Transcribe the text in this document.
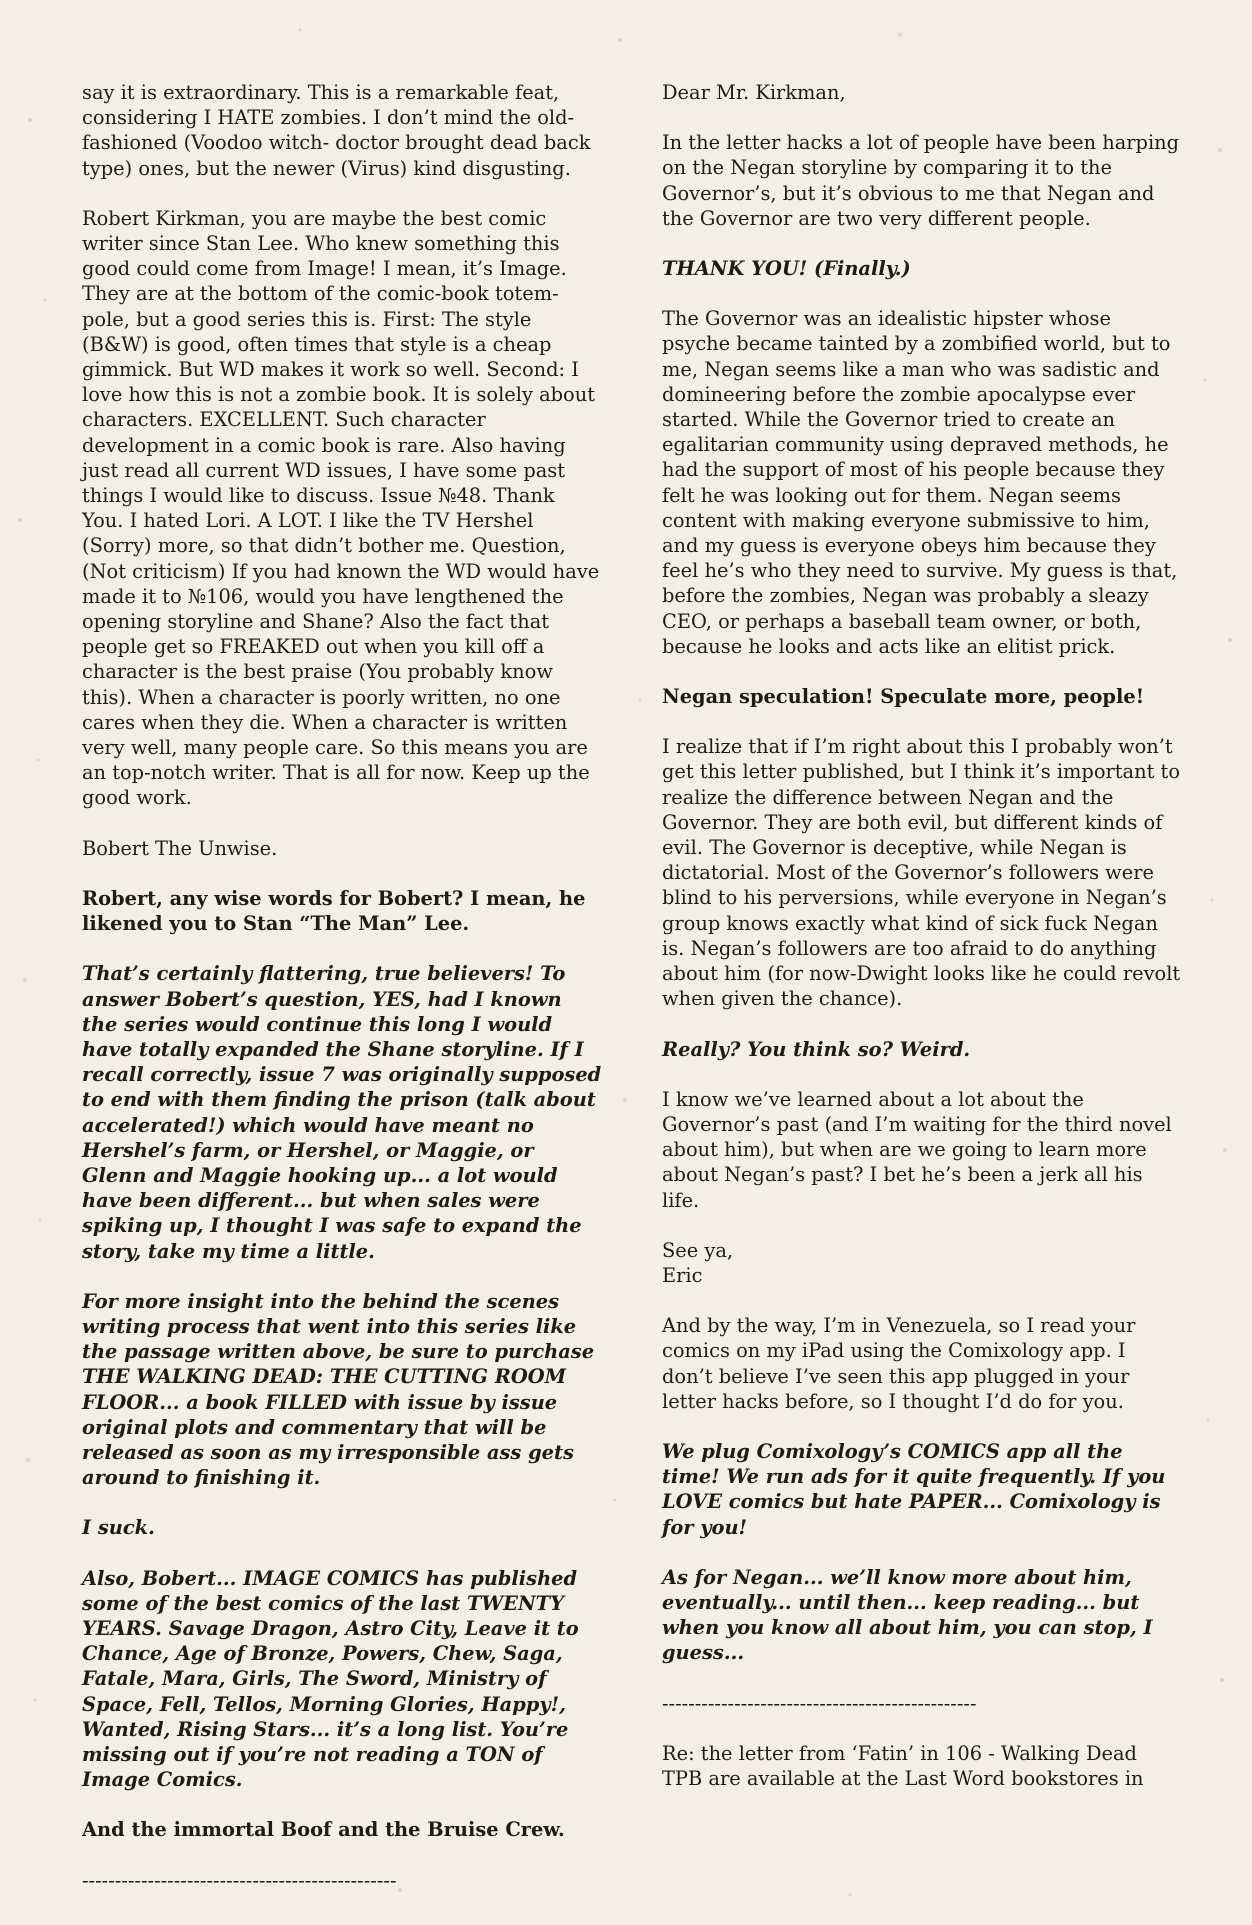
say it is extraordinary. This is a remarkable feat, considering I HATE zombies. I don’t mind the old-fashioned (Voodoo witch- doctor brought dead back type) ones, but the newer (Virus) kind disgusting.

Robert Kirkman, you are maybe the best comic writer since Stan Lee. Who knew something this good could come from Image! I mean, it’s Image. They are at the bottom of the comic-book totem-pole, but a good series this is. First: The style (B&W) is good, often times that style is a cheap gimmick. But WD makes it work so well. Second: I love how this is not a zombie book. It is solely about characters. EXCELLENT. Such character development in a comic book is rare. Also having just read all current WD issues, I have some past things I would like to discuss. Issue №48. Thank You. I hated Lori. A LOT. I like the TV Hershel (Sorry) more, so that didn’t bother me. Question, (Not criticism) If you had known the WD would have made it to №106, would you have lengthened the opening storyline and Shane? Also the fact that people get so FREAKED out when you kill off a character is the best praise (You probably know this). When a character is poorly written, no one cares when they die. When a character is written very well, many people care. So this means you are an top-notch writer. That is all for now. Keep up the good work.

Bobert The Unwise.

Robert, any wise words for Bobert? I mean, he likened you to Stan “The Man” Lee.

That’s certainly flattering, true believers! To answer Bobert’s question, YES, had I known the series would continue this long I would have totally expanded the Shane storyline. If I recall correctly, issue 7 was originally supposed to end with them finding the prison (talk about accelerated!) which would have meant no Hershel’s farm, or Hershel, or Maggie, or Glenn and Maggie hooking up... a lot would have been different... but when sales were spiking up, I thought I was safe to expand the story, take my time a little.

For more insight into the behind the scenes writing process that went into this series like the passage written above, be sure to purchase THE WALKING DEAD: THE CUTTING ROOM FLOOR... a book FILLED with issue by issue original plots and commentary that will be released as soon as my irresponsible ass gets around to finishing it.

I suck.

Also, Bobert... IMAGE COMICS has published some of the best comics of the last TWENTY YEARS. Savage Dragon, Astro City, Leave it to Chance, Age of Bronze, Powers, Chew, Saga, Fatale, Mara, Girls, The Sword, Ministry of Space, Fell, Tellos, Morning Glories, Happy!, Wanted, Rising Stars... it’s a long list. You’re missing out if you’re not reading a TON of Image Comics.

And the immortal Boof and the Bruise Crew.

------------------------------------------------

Dear Mr. Kirkman,

In the letter hacks a lot of people have been harping on the Negan storyline by comparing it to the Governor’s, but it’s obvious to me that Negan and the Governor are two very different people.

THANK YOU! (Finally.)

The Governor was an idealistic hipster whose psyche became tainted by a zombified world, but to me, Negan seems like a man who was sadistic and domineering before the zombie apocalypse ever started. While the Governor tried to create an egalitarian community using depraved methods, he had the support of most of his people because they felt he was looking out for them. Negan seems content with making everyone submissive to him, and my guess is everyone obeys him because they feel he’s who they need to survive. My guess is that, before the zombies, Negan was probably a sleazy CEO, or perhaps a baseball team owner, or both, because he looks and acts like an elitist prick.

Negan speculation! Speculate more, people!

I realize that if I’m right about this I probably won’t get this letter published, but I think it’s important to realize the difference between Negan and the Governor. They are both evil, but different kinds of evil. The Governor is deceptive, while Negan is dictatorial. Most of the Governor’s followers were blind to his perversions, while everyone in Negan’s group knows exactly what kind of sick fuck Negan is. Negan’s followers are too afraid to do anything about him (for now-Dwight looks like he could revolt when given the chance).

Really? You think so? Weird.

I know we’ve learned about a lot about the Governor’s past (and I’m waiting for the third novel about him), but when are we going to learn more about Negan’s past? I bet he’s been a jerk all his life.

See ya,

Eric

And by the way, I’m in Venezuela, so I read your comics on my iPad using the Comixology app. I don’t believe I’ve seen this app plugged in your letter hacks before, so I thought I’d do for you.

We plug Comixology’s COMICS app all the time! We run ads for it quite frequently. If you LOVE comics but hate PAPER... Comixology is for you!

As for Negan... we’ll know more about him, eventually... until then... keep reading... but when you know all about him, you can stop, I guess...

------------------------------------------------

Re: the letter from ‘Fatin’ in 106 - Walking Dead TPB are available at the Last Word bookstores in
